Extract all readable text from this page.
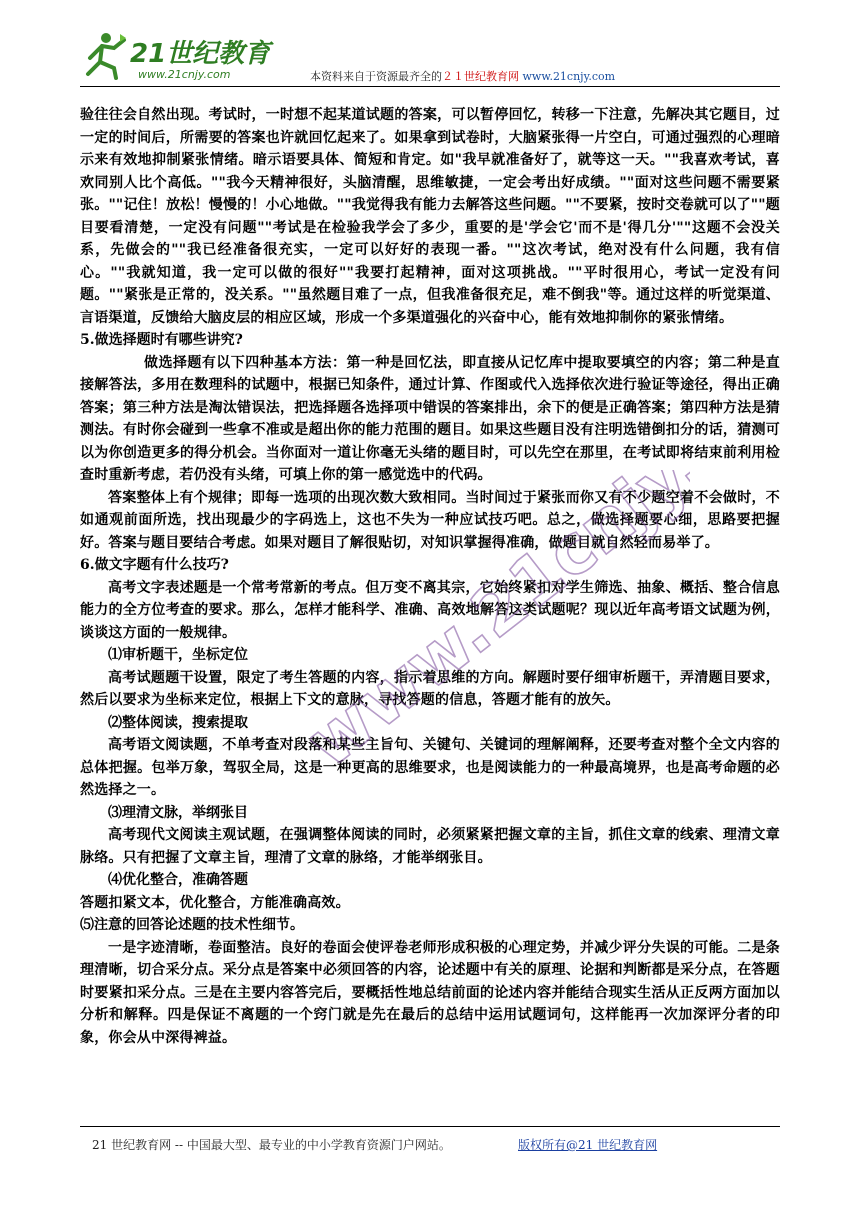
21世纪教育
www.21cnjy.com	本资料来自于资源最齐全的２１世纪教育网 www.21cnjy.com

验往往会自然出现。考试时，一时想不起某道试题的答案，可以暂停回忆，转移一下注意，先解决其它题目，过一定的时间后，所需要的答案也许就回忆起来了。如果拿到试卷时，大脑紧张得一片空白，可通过强烈的心理暗示来有效地抑制紧张情绪。暗示语要具体、简短和肯定。如"我早就准备好了，就等这一天。""我喜欢考试，喜欢同别人比个高低。""我今天精神很好，头脑清醒，思维敏捷，一定会考出好成绩。""面对这些问题不需要紧张。""记住！放松！慢慢的！小心地做。""我觉得我有能力去解答这些问题。""不要紧，按时交卷就可以了""题目要看清楚，一定没有问题""考试是在检验我学会了多少，重要的是'学会它'而不是'得几分'""这题不会没关系，先做会的""我已经准备很充实，一定可以好好的表现一番。""这次考试，绝对没有什么问题，我有信心。""我就知道，我一定可以做的很好""我要打起精神，面对这项挑战。""平时很用心，考试一定没有问题。""紧张是正常的，没关系。""虽然题目难了一点，但我准备很充足，难不倒我"等。通过这样的听觉渠道、言语渠道，反馈给大脑皮层的相应区域，形成一个多渠道强化的兴奋中心，能有效地抑制你的紧张情绪。

5.做选择题时有哪些讲究?

做选择题有以下四种基本方法：第一种是回忆法，即直接从记忆库中提取要填空的内容；第二种是直接解答法，多用在数理科的试题中，根据已知条件，通过计算、作图或代入选择依次进行验证等途径，得出正确答案；第三种方法是淘汰错误法，把选择题各选择项中错误的答案排出，余下的便是正确答案；第四种方法是猜测法。有时你会碰到一些拿不准或是超出你的能力范围的题目。如果这些题目没有注明选错倒扣分的话，猜测可以为你创造更多的得分机会。当你面对一道让你毫无头绪的题目时，可以先空在那里，在考试即将结束前利用检查时重新考虑，若仍没有头绪，可填上你的第一感觉选中的代码。

答案整体上有个规律；即每一选项的出现次数大致相同。当时间过于紧张而你又有不少题空着不会做时，不如通观前面所选，找出现最少的字码选上，这也不失为一种应试技巧吧。总之，做选择题要心细，思路要把握好。答案与题目要结合考虑。如果对题目了解很贴切，对知识掌握得准确，做题目就自然轻而易举了。

6.做文字题有什么技巧?

高考文字表述题是一个常考常新的考点。但万变不离其宗，它始终紧扣对学生筛选、抽象、概括、整合信息能力的全方位考查的要求。那么，怎样才能科学、准确、高效地解答这类试题呢？现以近年高考语文试题为例，谈谈这方面的一般规律。

⑴审析题干，坐标定位

高考试题题干设置，限定了考生答题的内容，指示着思维的方向。解题时要仔细审析题干，弄清题目要求，然后以要求为坐标来定位，根据上下文的意脉，寻找答题的信息，答题才能有的放矢。

⑵整体阅读，搜索提取

高考语文阅读题，不单考查对段落和某些主旨句、关键句、关键词的理解阐释，还要考查对整个全文内容的总体把握。包举万象，驾驭全局，这是一种更高的思维要求，也是阅读能力的一种最高境界，也是高考命题的必然选择之一。

⑶理清文脉，举纲张目

高考现代文阅读主观试题，在强调整体阅读的同时，必须紧紧把握文章的主旨，抓住文章的线索、理清文章脉络。只有把握了文章主旨，理清了文章的脉络，才能举纲张目。

⑷优化整合，准确答题

答题扣紧文本，优化整合，方能准确高效。

⑸注意的回答论述题的技术性细节。

一是字迹清晰，卷面整洁。良好的卷面会使评卷老师形成积极的心理定势，并减少评分失误的可能。二是条理清晰，切合采分点。采分点是答案中必须回答的内容，论述题中有关的原理、论据和判断都是采分点，在答题时要紧扣采分点。三是在主要内容答完后，要概括性地总结前面的论述内容并能结合现实生活从正反两方面加以分析和解释。四是保证不离题的一个窍门就是先在最后的总结中运用试题词句，这样能再一次加深评分者的印象，你会从中深得裨益。

www.21cnjy.com
21 世纪教育网 -- 中国最大型、最专业的中小学教育资源门户网站。	版权所有@21 世纪教育网
